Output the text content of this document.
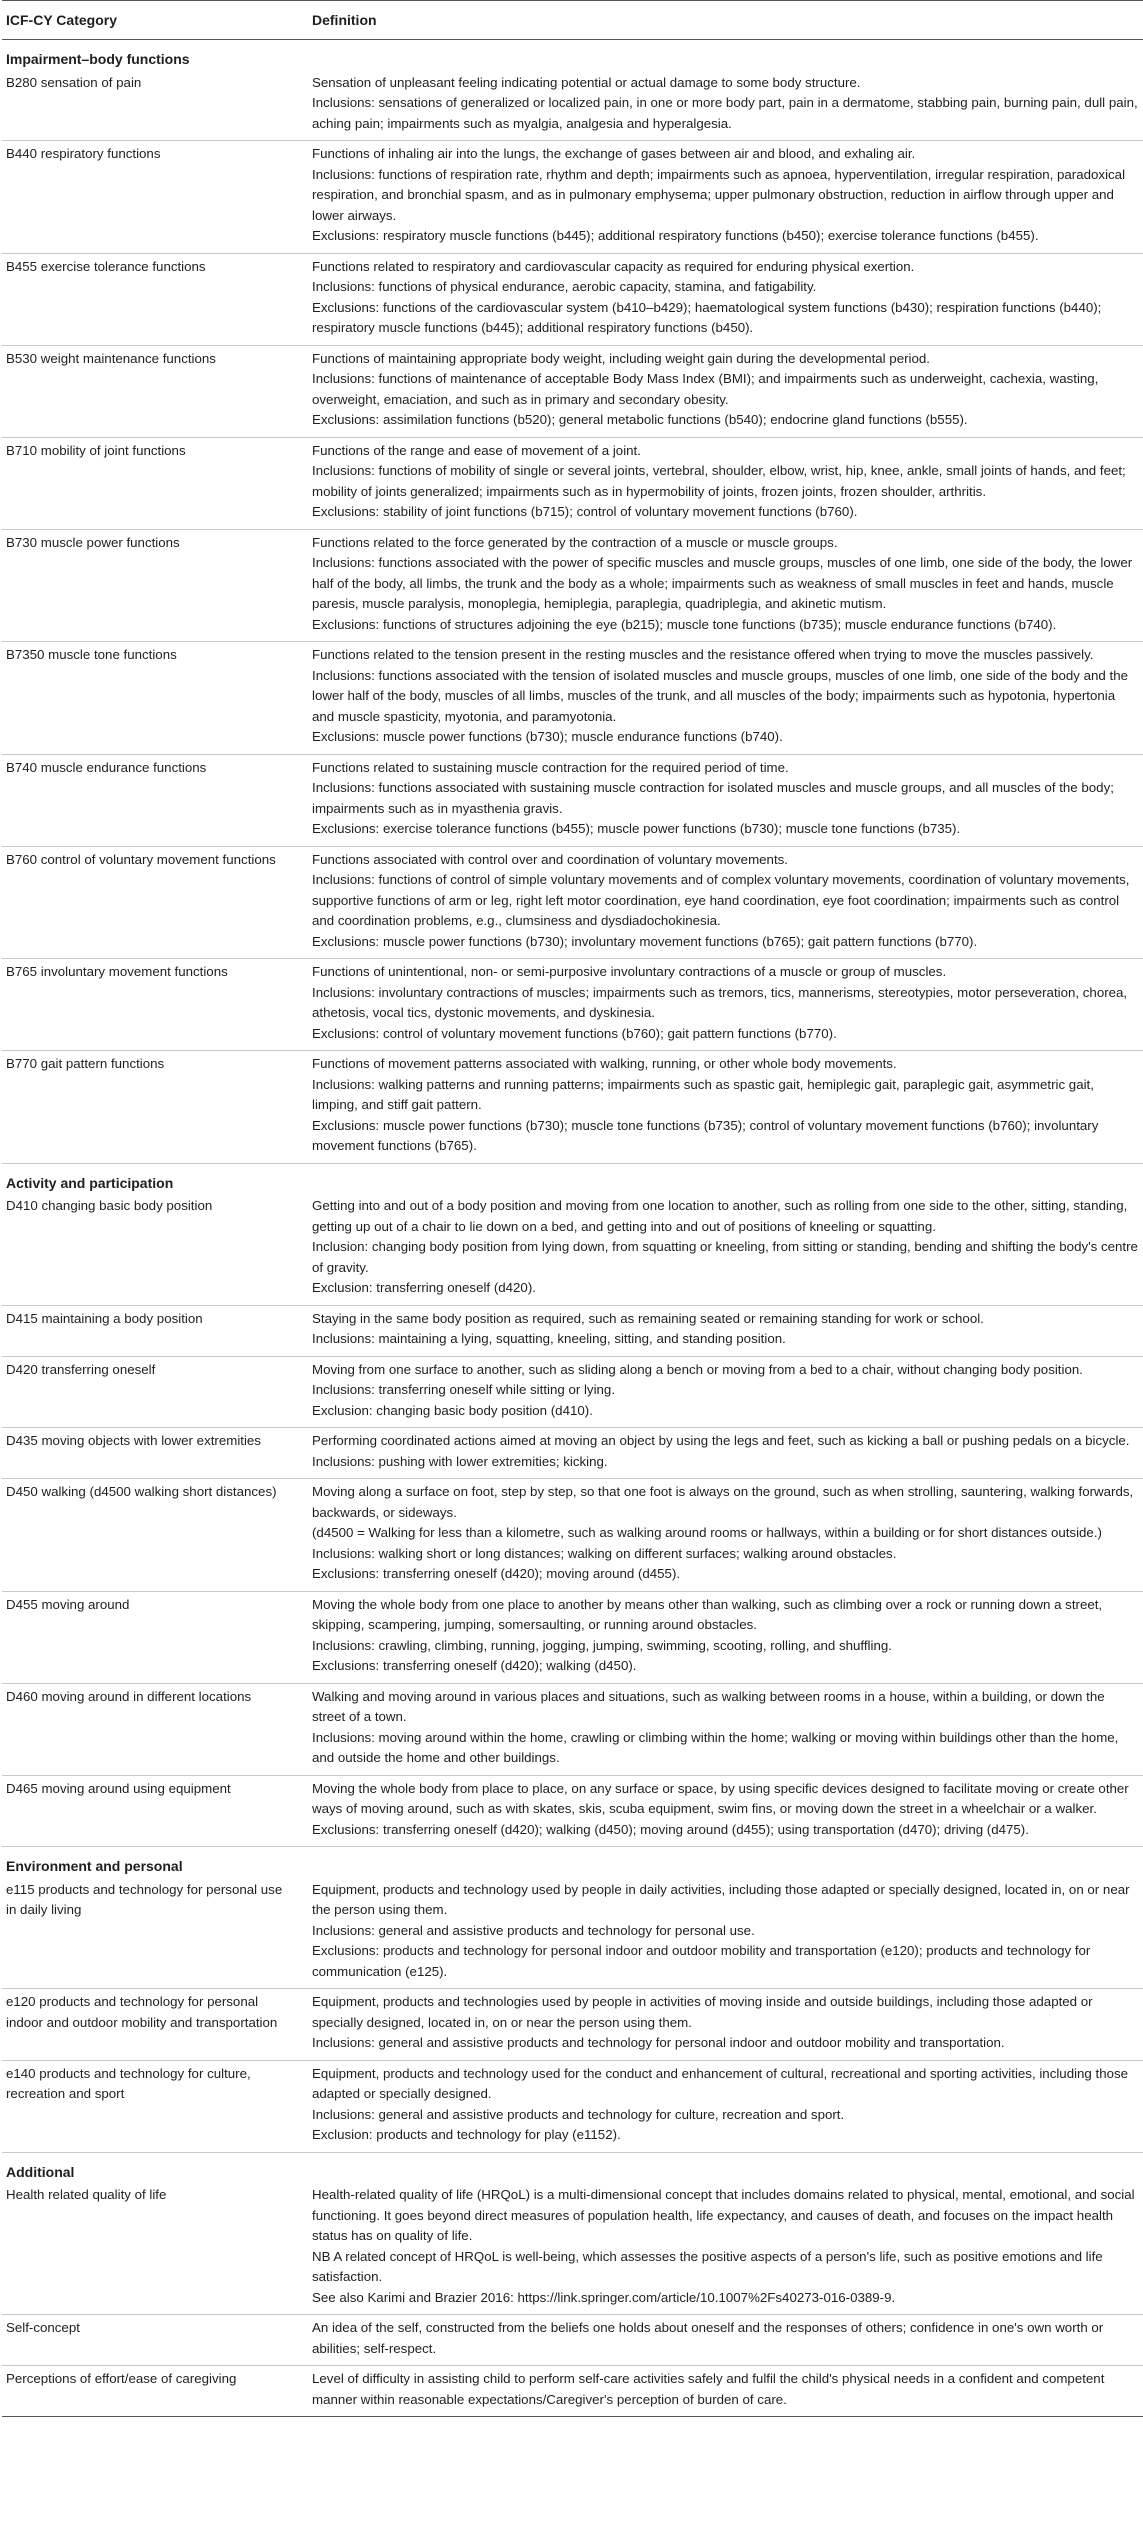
ICF-CY Category	Definition
Impairment–body functions	
B280 sensation of pain	Sensation of unpleasant feeling indicating potential or actual damage to some body structure.
Inclusions: sensations of generalized or localized pain, in one or more body part, pain in a dermatome, stabbing pain, burning pain, dull pain, aching pain; impairments such as myalgia, analgesia and hyperalgesia.

B440 respiratory functions	Functions of inhaling air into the lungs, the exchange of gases between air and blood, and exhaling air.
Inclusions: functions of respiration rate, rhythm and depth; impairments such as apnoea, hyperventilation, irregular respiration, paradoxical respiration, and bronchial spasm, and as in pulmonary emphysema; upper pulmonary obstruction, reduction in airflow through upper and lower airways.
Exclusions: respiratory muscle functions (b445); additional respiratory functions (b450); exercise tolerance functions (b455).

B455 exercise tolerance functions	Functions related to respiratory and cardiovascular capacity as required for enduring physical exertion.
Inclusions: functions of physical endurance, aerobic capacity, stamina, and fatigability.
Exclusions: functions of the cardiovascular system (b410–b429); haematological system functions (b430); respiration functions (b440); respiratory muscle functions (b445); additional respiratory functions (b450).

B530 weight maintenance functions	Functions of maintaining appropriate body weight, including weight gain during the developmental period.
Inclusions: functions of maintenance of acceptable Body Mass Index (BMI); and impairments such as underweight, cachexia, wasting, overweight, emaciation, and such as in primary and secondary obesity.
Exclusions: assimilation functions (b520); general metabolic functions (b540); endocrine gland functions (b555).

B710 mobility of joint functions	Functions of the range and ease of movement of a joint.
Inclusions: functions of mobility of single or several joints, vertebral, shoulder, elbow, wrist, hip, knee, ankle, small joints of hands, and feet; mobility of joints generalized; impairments such as in hypermobility of joints, frozen joints, frozen shoulder, arthritis.
Exclusions: stability of joint functions (b715); control of voluntary movement functions (b760).

B730 muscle power functions	Functions related to the force generated by the contraction of a muscle or muscle groups.
Inclusions: functions associated with the power of specific muscles and muscle groups, muscles of one limb, one side of the body, the lower half of the body, all limbs, the trunk and the body as a whole; impairments such as weakness of small muscles in feet and hands, muscle paresis, muscle paralysis, monoplegia, hemiplegia, paraplegia, quadriplegia, and akinetic mutism.
Exclusions: functions of structures adjoining the eye (b215); muscle tone functions (b735); muscle endurance functions (b740).

B7350 muscle tone functions	Functions related to the tension present in the resting muscles and the resistance offered when trying to move the muscles passively.
Inclusions: functions associated with the tension of isolated muscles and muscle groups, muscles of one limb, one side of the body and the lower half of the body, muscles of all limbs, muscles of the trunk, and all muscles of the body; impairments such as hypotonia, hypertonia and muscle spasticity, myotonia, and paramyotonia.
Exclusions: muscle power functions (b730); muscle endurance functions (b740).

B740 muscle endurance functions	Functions related to sustaining muscle contraction for the required period of time.
Inclusions: functions associated with sustaining muscle contraction for isolated muscles and muscle groups, and all muscles of the body; impairments such as in myasthenia gravis.
Exclusions: exercise tolerance functions (b455); muscle power functions (b730); muscle tone functions (b735).

B760 control of voluntary movement functions	Functions associated with control over and coordination of voluntary movements.
Inclusions: functions of control of simple voluntary movements and of complex voluntary movements, coordination of voluntary movements, supportive functions of arm or leg, right left motor coordination, eye hand coordination, eye foot coordination; impairments such as control and coordination problems, e.g., clumsiness and dysdiadochokinesia.
Exclusions: muscle power functions (b730); involuntary movement functions (b765); gait pattern functions (b770).

B765 involuntary movement functions	Functions of unintentional, non- or semi-purposive involuntary contractions of a muscle or group of muscles.
Inclusions: involuntary contractions of muscles; impairments such as tremors, tics, mannerisms, stereotypies, motor perseveration, chorea, athetosis, vocal tics, dystonic movements, and dyskinesia.
Exclusions: control of voluntary movement functions (b760); gait pattern functions (b770).

B770 gait pattern functions	Functions of movement patterns associated with walking, running, or other whole body movements.
Inclusions: walking patterns and running patterns; impairments such as spastic gait, hemiplegic gait, paraplegic gait, asymmetric gait, limping, and stiff gait pattern.
Exclusions: muscle power functions (b730); muscle tone functions (b735); control of voluntary movement functions (b760); involuntary movement functions (b765).

Activity and participation	
D410 changing basic body position	Getting into and out of a body position and moving from one location to another, such as rolling from one side to the other, sitting, standing, getting up out of a chair to lie down on a bed, and getting into and out of positions of kneeling or squatting.
Inclusion: changing body position from lying down, from squatting or kneeling, from sitting or standing, bending and shifting the body's centre of gravity.
Exclusion: transferring oneself (d420).

D415 maintaining a body position	Staying in the same body position as required, such as remaining seated or remaining standing for work or school.
Inclusions: maintaining a lying, squatting, kneeling, sitting, and standing position.

D420 transferring oneself	Moving from one surface to another, such as sliding along a bench or moving from a bed to a chair, without changing body position.
Inclusions: transferring oneself while sitting or lying.
Exclusion: changing basic body position (d410).

D435 moving objects with lower extremities	Performing coordinated actions aimed at moving an object by using the legs and feet, such as kicking a ball or pushing pedals on a bicycle. Inclusions: pushing with lower extremities; kicking.

D450 walking (d4500 walking short distances)	Moving along a surface on foot, step by step, so that one foot is always on the ground, such as when strolling, sauntering, walking forwards, backwards, or sideways.
(d4500 = Walking for less than a kilometre, such as walking around rooms or hallways, within a building or for short distances outside.)
Inclusions: walking short or long distances; walking on different surfaces; walking around obstacles.
Exclusions: transferring oneself (d420); moving around (d455).

D455 moving around	Moving the whole body from one place to another by means other than walking, such as climbing over a rock or running down a street, skipping, scampering, jumping, somersaulting, or running around obstacles.
Inclusions: crawling, climbing, running, jogging, jumping, swimming, scooting, rolling, and shuffling.
Exclusions: transferring oneself (d420); walking (d450).

D460 moving around in different locations	Walking and moving around in various places and situations, such as walking between rooms in a house, within a building, or down the street of a town.
Inclusions: moving around within the home, crawling or climbing within the home; walking or moving within buildings other than the home, and outside the home and other buildings.

D465 moving around using equipment	Moving the whole body from place to place, on any surface or space, by using specific devices designed to facilitate moving or create other ways of moving around, such as with skates, skis, scuba equipment, swim fins, or moving down the street in a wheelchair or a walker.
Exclusions: transferring oneself (d420); walking (d450); moving around (d455); using transportation (d470); driving (d475).

Environment and personal	
e115 products and technology for personal use in daily living	Equipment, products and technology used by people in daily activities, including those adapted or specially designed, located in, on or near the person using them.
Inclusions: general and assistive products and technology for personal use.
Exclusions: products and technology for personal indoor and outdoor mobility and transportation (e120); products and technology for communication (e125).

e120 products and technology for personal indoor and outdoor mobility and transportation	Equipment, products and technologies used by people in activities of moving inside and outside buildings, including those adapted or specially designed, located in, on or near the person using them.
Inclusions: general and assistive products and technology for personal indoor and outdoor mobility and transportation.

e140 products and technology for culture, recreation and sport	Equipment, products and technology used for the conduct and enhancement of cultural, recreational and sporting activities, including those adapted or specially designed.
Inclusions: general and assistive products and technology for culture, recreation and sport.
Exclusion: products and technology for play (e1152).

Additional	
Health related quality of life	Health-related quality of life (HRQoL) is a multi-dimensional concept that includes domains related to physical, mental, emotional, and social functioning. It goes beyond direct measures of population health, life expectancy, and causes of death, and focuses on the impact health status has on quality of life.
NB A related concept of HRQoL is well-being, which assesses the positive aspects of a person's life, such as positive emotions and life satisfaction.
See also Karimi and Brazier 2016: https://link.springer.com/article/10.1007%2Fs40273-016-0389-9.

Self-concept	An idea of the self, constructed from the beliefs one holds about oneself and the responses of others; confidence in one's own worth or abilities; self-respect.

Perceptions of effort/ease of caregiving	Level of difficulty in assisting child to perform self-care activities safely and fulfil the child's physical needs in a confident and competent manner within reasonable expectations/Caregiver's perception of burden of care.
